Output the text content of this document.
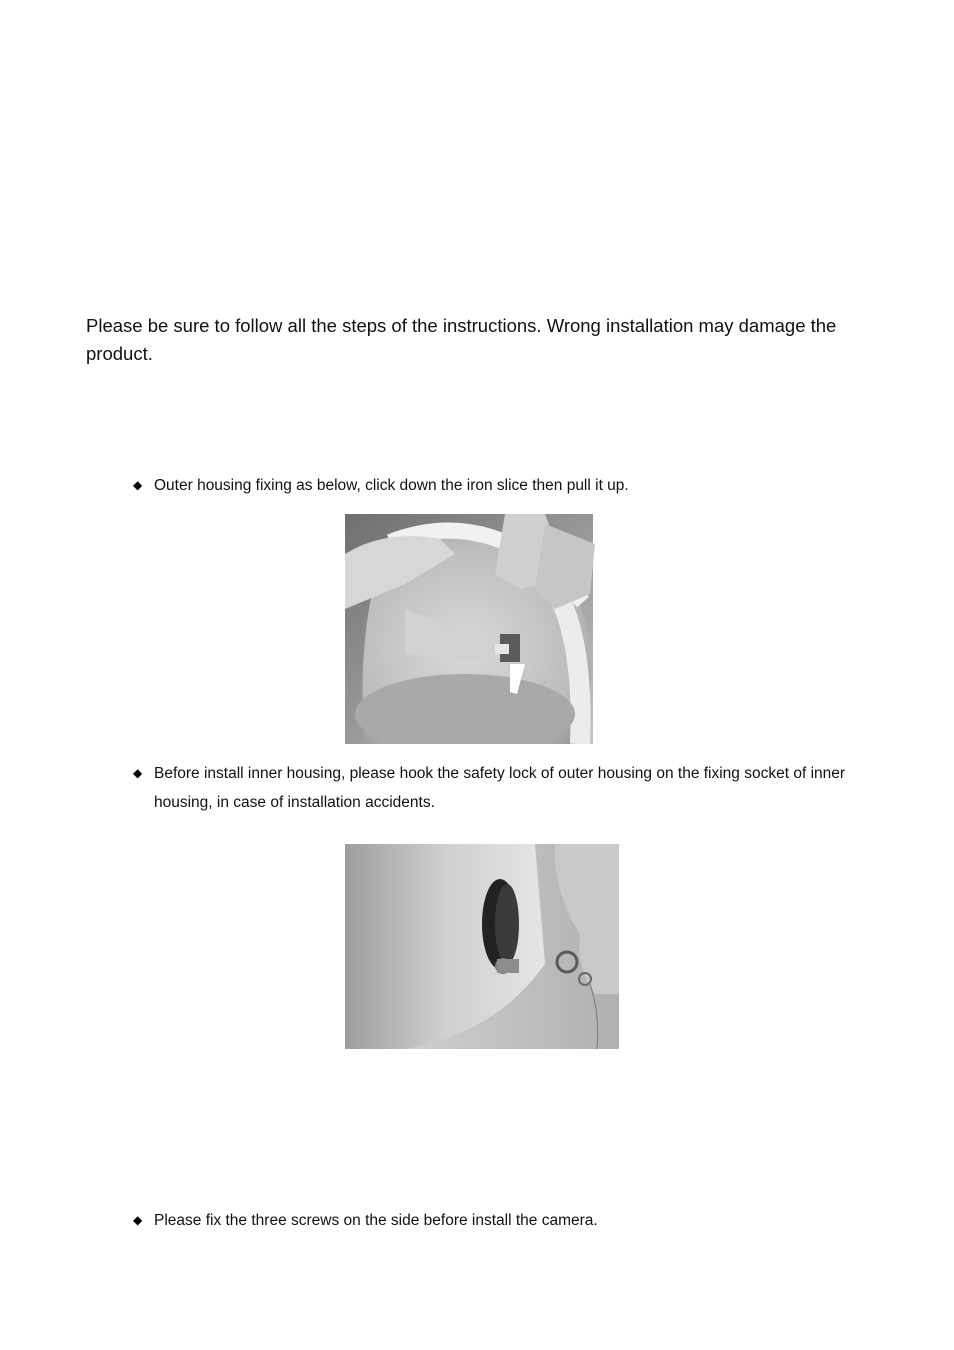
Please be sure to follow all the steps of the instructions. Wrong installation may damage the product.

◆ Outer housing fixing as below, click down the iron slice then pull it up.
◆ Before install inner housing, please hook the safety lock of outer housing on the fixing socket of inner housing, in case of installation accidents.
◆ Please fix the three screws on the side before install the camera.
